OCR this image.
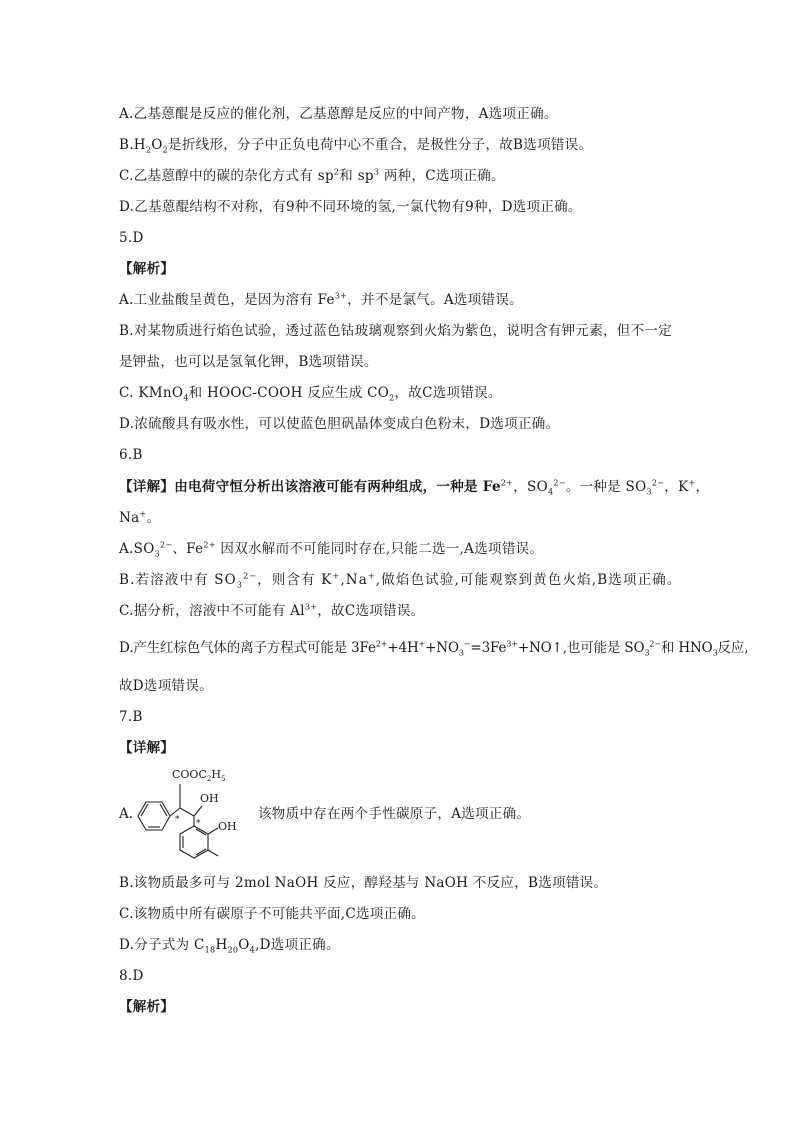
A.乙基蒽醌是反应的催化剂，乙基蒽醇是反应的中间产物，A选项正确。
$B.H_2O_2$是折线形，分子中正负电荷中心不重合，是极性分子，故B选项错误。
C.乙基蒽醇中的碳的杂化方式有 $sp^2$和 $sp^3$ 两种，C选项正确。
D.乙基蒽醌结构不对称，有9种不同环境的氢,一氯代物有9种，D选项正确。
5.D
【解析】
A.工业盐酸呈黄色，是因为溶有 $Fe^{3+}$，并不是氯气。A选项错误。
B.对某物质进行焰色试验，透过蓝色钴玻璃观察到火焰为紫色，说明含有钾元素，但不一定
是钾盐，也可以是氢氧化钾，B选项错误。
C. KMnO$_4$和 HOOC-COOH 反应生成 $CO_2$，故C选项错误。
D.浓硫酸具有吸水性，可以使蓝色胆矾晶体变成白色粉末，D选项正确。
6.B
【详解】由电荷守恒分析出该溶液可能有两种组成，一种是 $Fe^{2+}$，$SO_4^{2-}$。一种是 $SO_3^{2-}$，K+，
Na+。
$A.SO_3^{2-}$、$Fe^{2+}$ 因双水解而不可能同时存在,只能二选一,A选项错误。
B.若溶液中有 $SO_3^{2-}$，则含有 K+,Na+,做焰色试验,可能观察到黄色火焰,B选项正确。
C.据分析，溶液中不可能有 $Al^{3+}$，故C选项错误。
D.产生红棕色气体的离子方程式可能是 $3Fe^{2+}+4H^++NO_3^-=3Fe^{3+}+NO↑$,也可能是 $SO_3^{2-}$和 $HNO_3$反应,
故D选项错误。
7.B
【详解】
A.
$COOC_2H_5$
OH
OH
* *
该物质中存在两个手性碳原子，A选项正确。
B.该物质最多可与 2mol NaOH 反应，醇羟基与 NaOH 不反应，B选项错误。
C.该物质中所有碳原子不可能共平面,C选项正确。
D.分子式为 $C_{18}H_{20}O_4,D$选项正确。
8.D
【解析】
